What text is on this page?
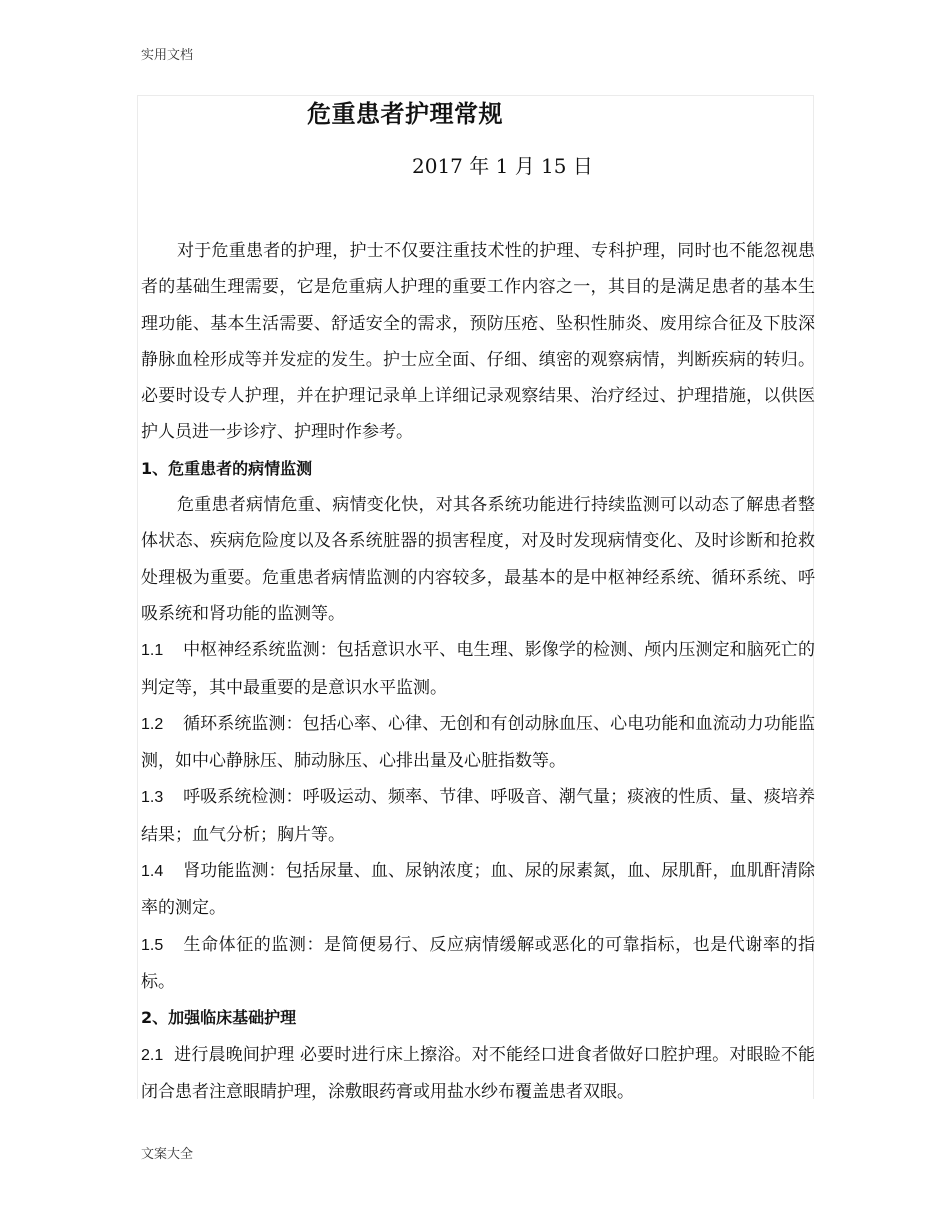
实用文档
危重患者护理常规
2017 年 1 月 15 日

对于危重患者的护理，护士不仅要注重技术性的护理、专科护理，同时也不能忽视患者的基础生理需要，它是危重病人护理的重要工作内容之一，其目的是满足患者的基本生理功能、基本生活需要、舒适安全的需求，预防压疮、坠积性肺炎、废用综合征及下肢深静脉血栓形成等并发症的发生。护士应全面、仔细、缜密的观察病情，判断疾病的转归。必要时设专人护理，并在护理记录单上详细记录观察结果、治疗经过、护理措施，以供医护人员进一步诊疗、护理时作参考。

1、危重患者的病情监测

危重患者病情危重、病情变化快，对其各系统功能进行持续监测可以动态了解患者整体状态、疾病危险度以及各系统脏器的损害程度，对及时发现病情变化、及时诊断和抢救处理极为重要。危重患者病情监测的内容较多，最基本的是中枢神经系统、循环系统、呼吸系统和肾功能的监测等。

1.1 中枢神经系统监测：包括意识水平、电生理、影像学的检测、颅内压测定和脑死亡的判定等，其中最重要的是意识水平监测。

1.2 循环系统监测：包括心率、心律、无创和有创动脉血压、心电功能和血流动力功能监测，如中心静脉压、肺动脉压、心排出量及心脏指数等。

1.3 呼吸系统检测：呼吸运动、频率、节律、呼吸音、潮气量；痰液的性质、量、痰培养结果；血气分析；胸片等。

1.4 肾功能监测：包括尿量、血、尿钠浓度；血、尿的尿素氮，血、尿肌酐，血肌酐清除率的测定。

1.5 生命体征的监测：是简便易行、反应病情缓解或恶化的可靠指标，也是代谢率的指标。

2、加强临床基础护理

2.1 进行晨晚间护理 必要时进行床上擦浴。对不能经口进食者做好口腔护理。对眼睑不能闭合患者注意眼睛护理，涂敷眼药膏或用盐水纱布覆盖患者双眼。

文案大全
